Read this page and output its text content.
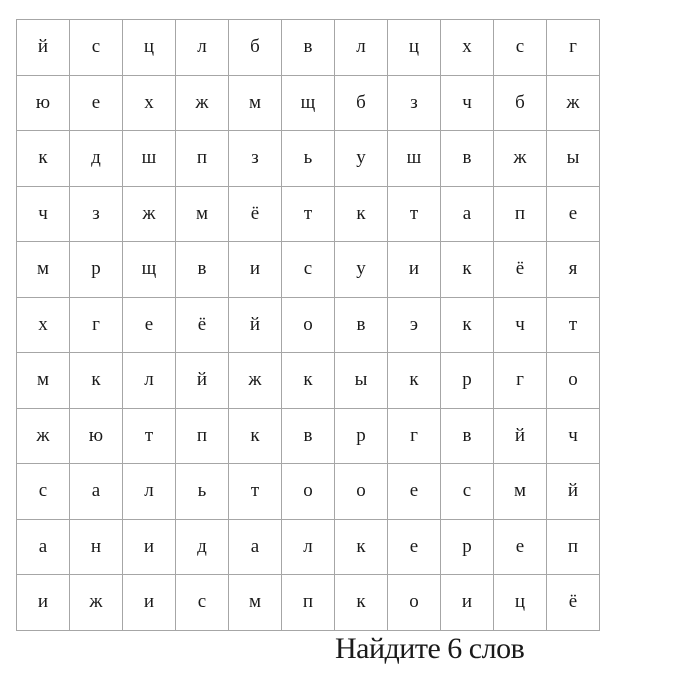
й	с	ц	л	б	в	л	ц	х	с	г
ю	е	х	ж	м	щ	б	з	ч	б	ж
к	д	ш	п	з	ь	у	ш	в	ж	ы
ч	з	ж	м	ё	т	к	т	а	п	е
м	р	щ	в	и	с	у	и	к	ё	я
х	г	е	ё	й	о	в	э	к	ч	т
м	к	л	й	ж	к	ы	к	р	г	о
ж	ю	т	п	к	в	р	г	в	й	ч
с	а	л	ь	т	о	о	е	с	м	й
а	н	и	д	а	л	к	е	р	е	п
и	ж	и	с	м	п	к	о	и	ц	ё
Найдите 6 слов
